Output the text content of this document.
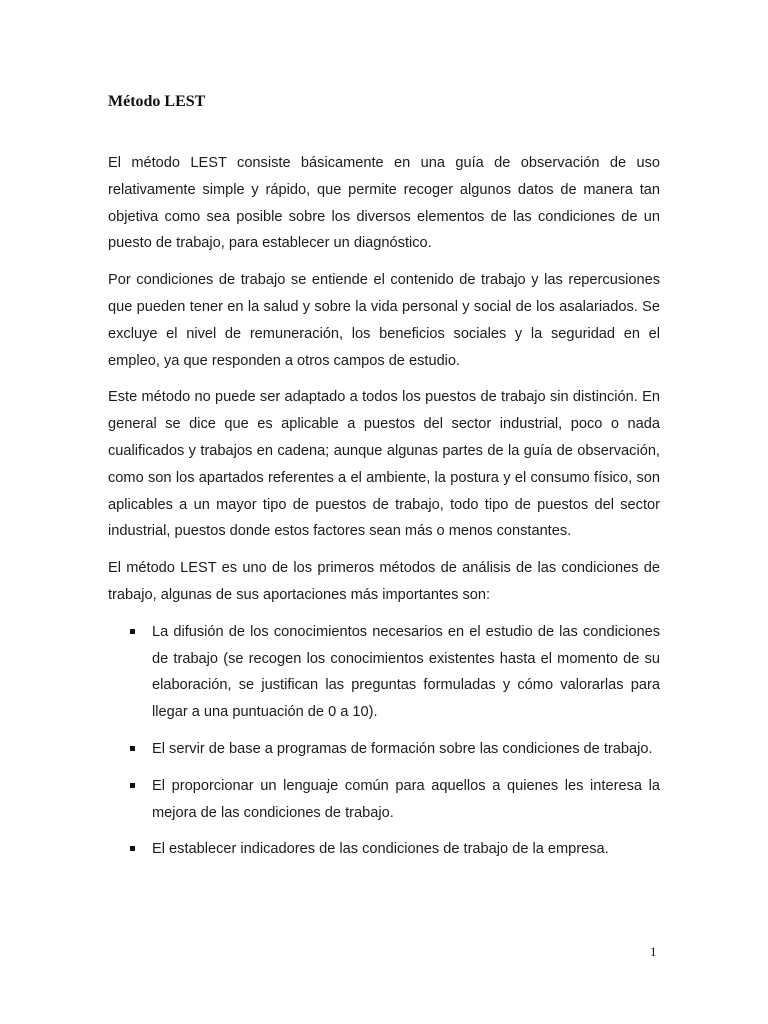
Método LEST

El método LEST consiste básicamente en una guía de observación de uso relativamente simple y rápido, que permite recoger algunos datos de manera tan objetiva como sea posible sobre los diversos elementos de las condiciones de un puesto de trabajo, para establecer un diagnóstico.

Por condiciones de trabajo se entiende el contenido de trabajo y las repercusiones que pueden tener en la salud y sobre la vida personal y social de los asalariados. Se excluye el nivel de remuneración, los beneficios sociales y la seguridad en el empleo, ya que responden a otros campos de estudio.

Este método no puede ser adaptado a todos los puestos de trabajo sin distinción. En general se dice que es aplicable a puestos del sector industrial, poco o nada cualificados y trabajos en cadena; aunque algunas partes de la guía de observación, como son los apartados referentes a el ambiente, la postura y el consumo físico, son aplicables a un mayor tipo de puestos de trabajo, todo tipo de puestos del sector industrial, puestos donde estos factores sean más o menos constantes.

El método LEST es uno de los primeros métodos de análisis de las condiciones de trabajo, algunas de sus aportaciones más importantes son:

La difusión de los conocimientos necesarios en el estudio de las condiciones de trabajo (se recogen los conocimientos existentes hasta el momento de su elaboración, se justifican las preguntas formuladas y cómo valorarlas para llegar a una puntuación de 0 a 10).
El servir de base a programas de formación sobre las condiciones de trabajo.
El proporcionar un lenguaje común para aquellos a quienes les interesa la mejora de las condiciones de trabajo.
El establecer indicadores de las condiciones de trabajo de la empresa.
1
